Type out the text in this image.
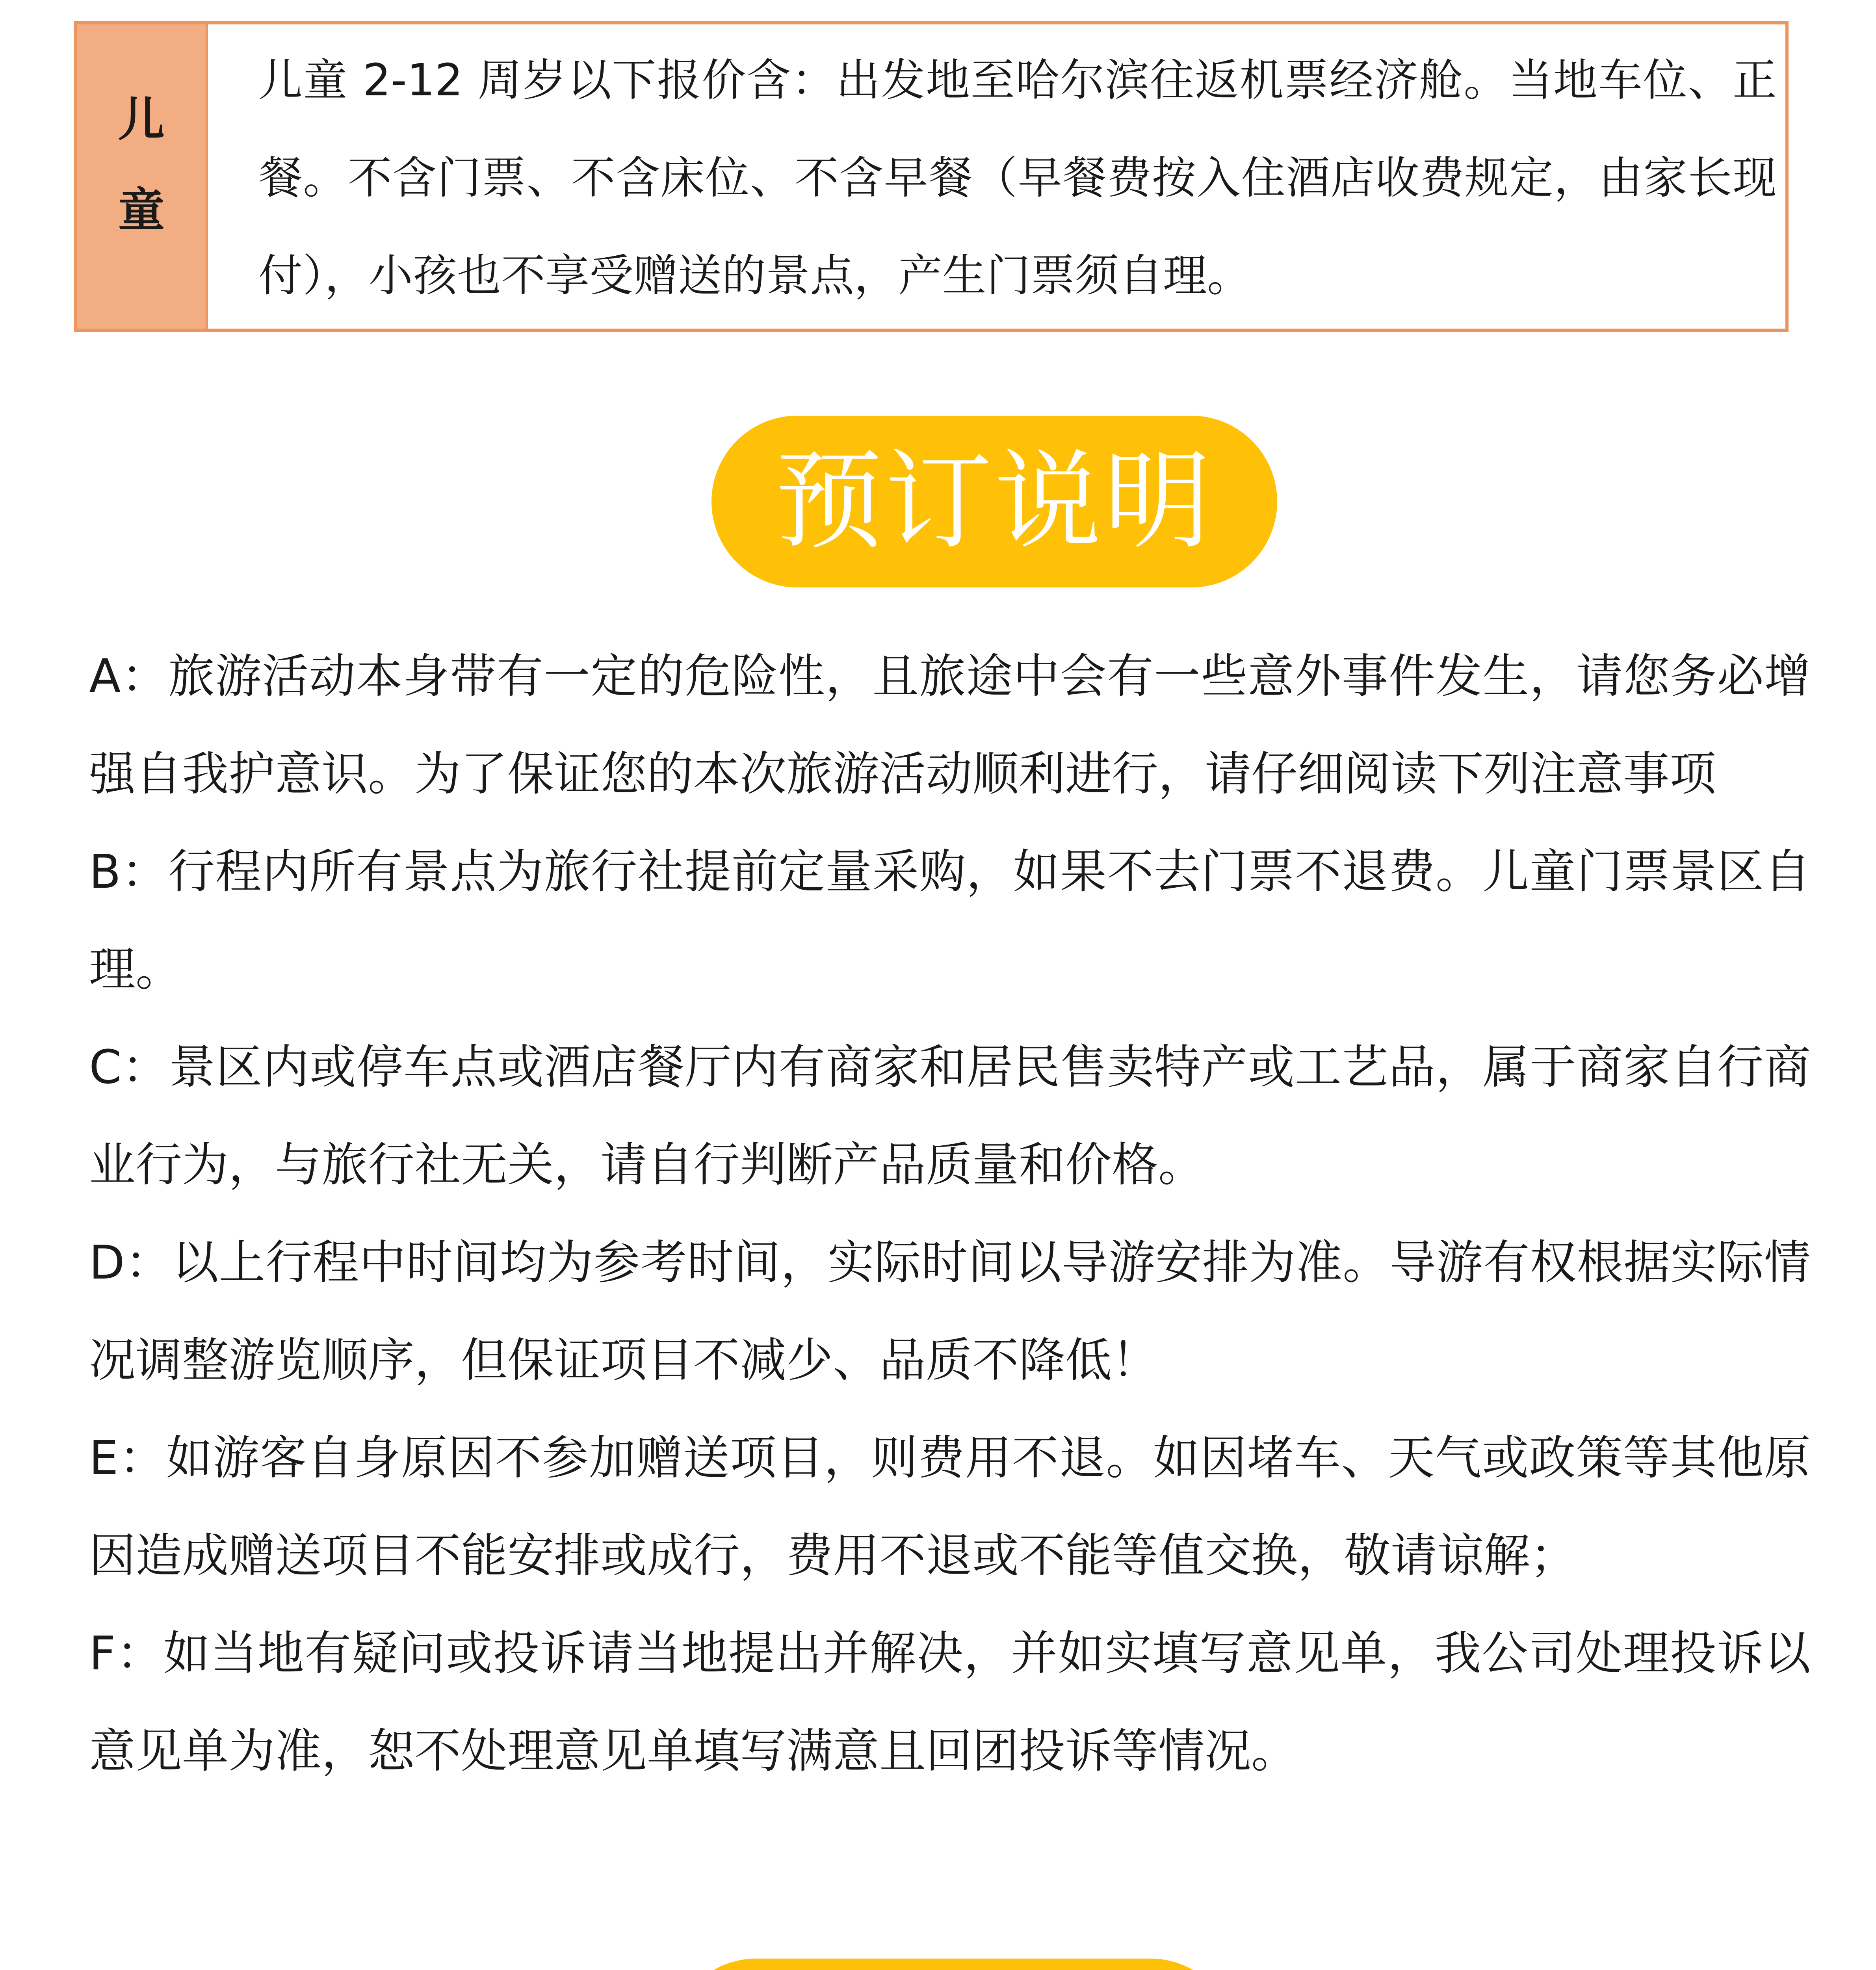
儿
童
儿童 2-12 周岁以下报价含：出发地至哈尔滨往返机票经济舱。当地车位、正餐。不含门票、不含床位、不含早餐（早餐费按入住酒店收费规定，由家长现付），小孩也不享受赠送的景点，产生门票须自理。
预订说明

A：旅游活动本身带有一定的危险性，且旅途中会有一些意外事件发生，请您务必增强自我护意识。为了保证您的本次旅游活动顺利进行，请仔细阅读下列注意事项

B：行程内所有景点为旅行社提前定量采购，如果不去门票不退费。儿童门票景区自理。

C：景区内或停车点或酒店餐厅内有商家和居民售卖特产或工艺品，属于商家自行商业行为，与旅行社无关，请自行判断产品质量和价格。

D：以上行程中时间均为参考时间，实际时间以导游安排为准。导游有权根据实际情况调整游览顺序，但保证项目不减少、品质不降低！

E：如游客自身原因不参加赠送项目，则费用不退。如因堵车、天气或政策等其他原因造成赠送项目不能安排或成行，费用不退或不能等值交换，敬请谅解；

F：如当地有疑问或投诉请当地提出并解决，并如实填写意见单，我公司处理投诉以意见单为准，恕不处理意见单填写满意且回团投诉等情况。
